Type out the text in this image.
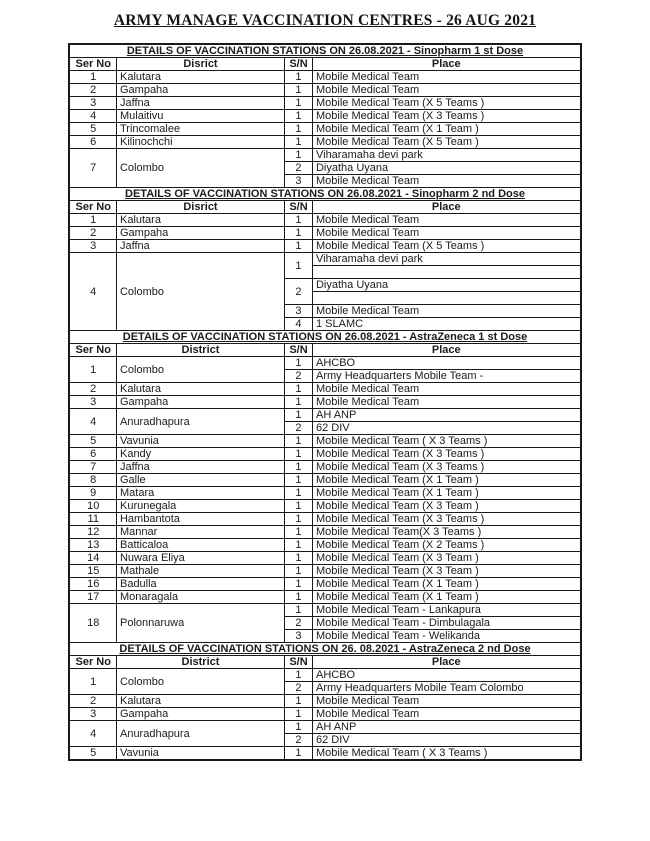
ARMY MANAGE VACCINATION CENTRES - 26 AUG 2021
DETAILS OF VACCINATION STATIONS ON 26.08.2021 - Sinopharm 1 st Dose			
Ser No	Disrict	S/N	Place
1	Kalutara	1	Mobile Medical Team
2	Gampaha	1	Mobile Medical Team
3	Jaffna	1	Mobile Medical Team (X 5 Teams )
4	Mulaitivu	1	Mobile Medical Team (X 3 Teams )
5	Trincomalee	1	Mobile Medical Team (X 1 Team )
6	Kilinochchi	1	Mobile Medical Team (X 5 Team )
7	Colombo	1	Viharamaha devi park
		2	Diyatha Uyana
		3	Mobile Medical Team
DETAILS OF VACCINATION STATIONS ON 26.08.2021 - Sinopharm 2 nd Dose			
Ser No	Disrict	S/N	Place
1	Kalutara	1	Mobile Medical Team
2	Gampaha	1	Mobile Medical Team
3	Jaffna	1	Mobile Medical Team (X 5 Teams )
4	Colombo	1	Viharamaha devi park

		2	Diyatha Uyana

		3	Mobile Medical Team
		4	1 SLAMC
DETAILS OF VACCINATION STATIONS ON 26.08.2021 - AstraZeneca 1 st Dose			
Ser No	District	S/N	Place
1	Colombo	1	AHCBO
		2	Army Headquarters Mobile Team -
2	Kalutara	1	Mobile Medical Team
3	Gampaha	1	Mobile Medical Team
4	Anuradhapura	1	AH ANP
		2	62 DIV
5	Vavunia	1	Mobile Medical Team ( X 3 Teams )
6	Kandy	1	Mobile Medical Team (X 3 Teams )
7	Jaffna	1	Mobile Medical Team (X 3 Teams )
8	Galle	1	Mobile Medical Team (X 1 Team )
9	Matara	1	Mobile Medical Team (X 1 Team )
10	Kurunegala	1	Mobile Medical Team (X 3 Team )
11	Hambantota	1	Mobile Medical Team (X 3 Teams )
12	Mannar	1	Mobile Medical Team(X 3 Teams )
13	Batticaloa	1	Mobile Medical Team (X 2 Teams )
14	Nuwara Eliya	1	Mobile Medical Team (X 3 Team )
15	Mathale	1	Mobile Medical Team (X 3 Team )
16	Badulla	1	Mobile Medical Team (X 1 Team )
17	Monaragala	1	Mobile Medical Team (X 1 Team )
18	Polonnaruwa	1	Mobile Medical Team - Lankapura
		2	Mobile Medical Team - Dimbulagala
		3	Mobile Medical Team - Welikanda
DETAILS OF VACCINATION STATIONS ON 26. 08.2021 - AstraZeneca 2 nd Dose			
Ser No	District	S/N	Place
1	Colombo	1	AHCBO
		2	Army Headquarters Mobile Team Colombo
2	Kalutara	1	Mobile Medical Team
3	Gampaha	1	Mobile Medical Team
4	Anuradhapura	1	AH ANP
		2	62 DIV
5	Vavunia	1	Mobile Medical Team ( X 3 Teams )
